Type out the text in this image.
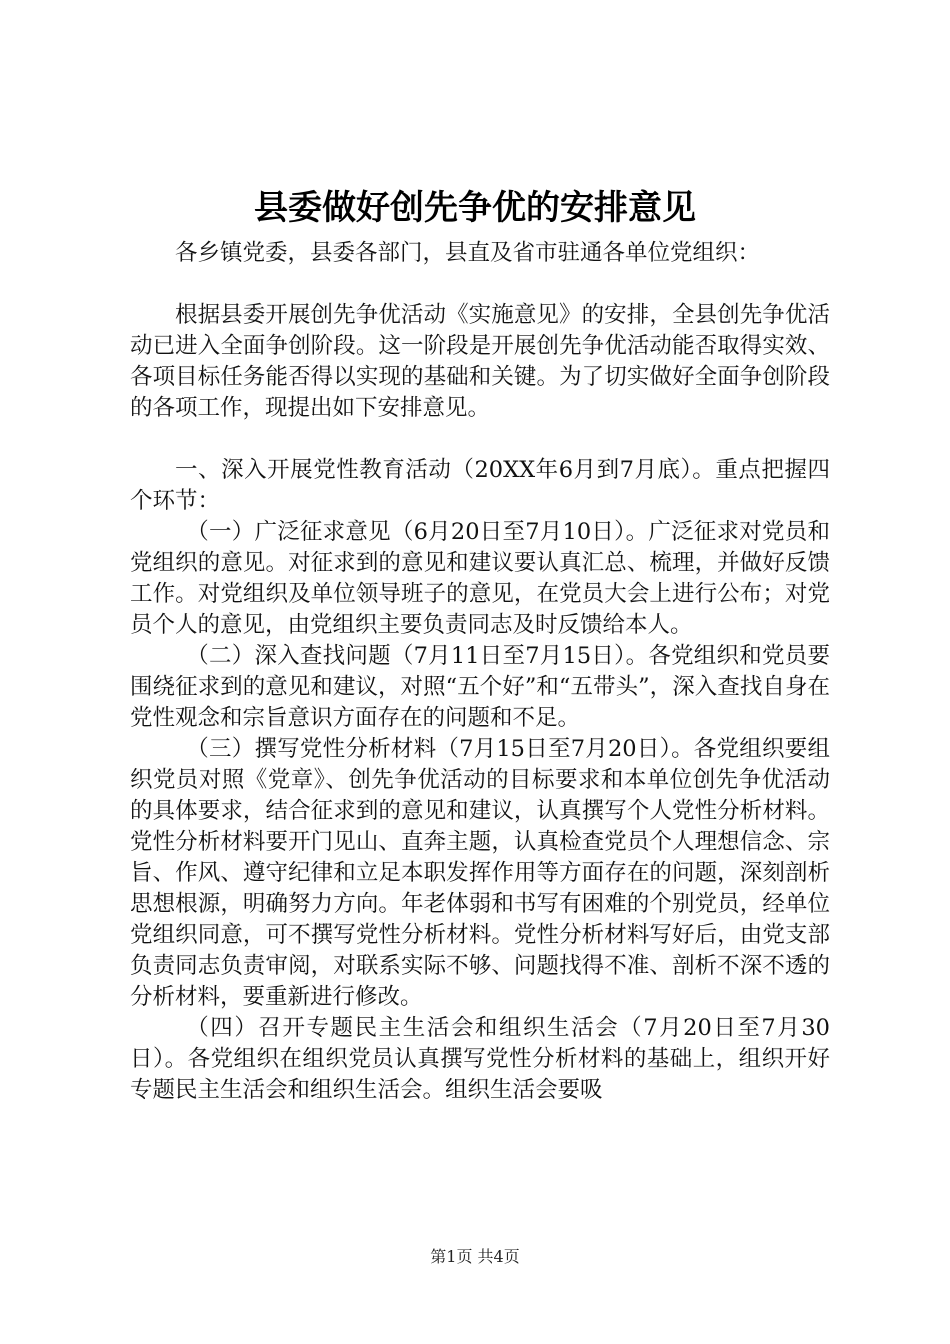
县委做好创先争优的安排意见

各乡镇党委，县委各部门，县直及省市驻通各单位党组织：

根据县委开展创先争优活动《实施意见》的安排，全县创先争优活动已进入全面争创阶段。这一阶段是开展创先争优活动能否取得实效、各项目标任务能否得以实现的基础和关键。为了切实做好全面争创阶段的各项工作，现提出如下安排意见。

一、深入开展党性教育活动（20XX年6月到7月底）。重点把握四个环节：

（一）广泛征求意见（6月20日至7月10日）。广泛征求对党员和党组织的意见。对征求到的意见和建议要认真汇总、梳理，并做好反馈工作。对党组织及单位领导班子的意见，在党员大会上进行公布；对党员个人的意见，由党组织主要负责同志及时反馈给本人。

（二）深入查找问题（7月11日至7月15日）。各党组织和党员要围绕征求到的意见和建议，对照“五个好”和“五带头”，深入查找自身在党性观念和宗旨意识方面存在的问题和不足。

（三）撰写党性分析材料（7月15日至7月20日）。各党组织要组织党员对照《党章》、创先争优活动的目标要求和本单位创先争优活动的具体要求，结合征求到的意见和建议，认真撰写个人党性分析材料。党性分析材料要开门见山、直奔主题，认真检查党员个人理想信念、宗旨、作风、遵守纪律和立足本职发挥作用等方面存在的问题，深刻剖析思想根源，明确努力方向。年老体弱和书写有困难的个别党员，经单位党组织同意，可不撰写党性分析材料。党性分析材料写好后，由党支部负责同志负责审阅，对联系实际不够、问题找得不准、剖析不深不透的分析材料，要重新进行修改。

（四）召开专题民主生活会和组织生活会（7月20日至7月30日）。各党组织在组织党员认真撰写党性分析材料的基础上，组织开好专题民主生活会和组织生活会。组织生活会要吸

第1页 共4页
